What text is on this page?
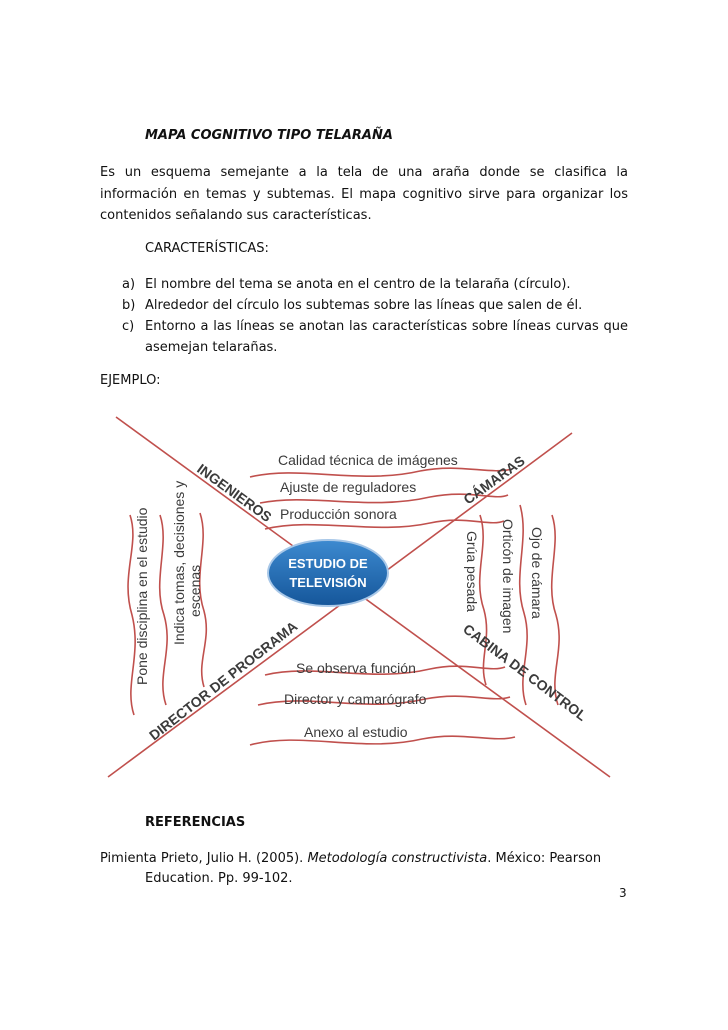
MAPA COGNITIVO TIPO TELARAÑA
Es un esquema semejante a la tela de una araña donde se clasifica la información en temas y subtemas. El mapa cognitivo sirve para organizar los contenidos señalando sus características.
CARACTERÍSTICAS:
a) El nombre del tema se anota en el centro de la telaraña (círculo).
b) Alrededor del círculo los subtemas sobre las líneas que salen de él.
c) Entorno a las líneas se anotan las características sobre líneas curvas que asemejan telarañas.
EJEMPLO:
ESTUDIO DE
TELEVISIÓN
INGENIEROS	CÁMARAS
DIRECTOR DE PROGRAMA	CABINA DE CONTROL
Calidad técnica de imágenes
Ajuste de reguladores
Producción sonora
Pone disciplina en el estudio Indica tomas, decisiones y escenas	Ojo de cámara
Orticón de imagen
Grúa pesada
Se observa función
Director y camarógrafo
Anexo al estudio
REFERENCIAS
Pimienta Prieto, Julio H. (2005). Metodología constructivista. México: Pearson
Education. Pp. 99-102.
3
